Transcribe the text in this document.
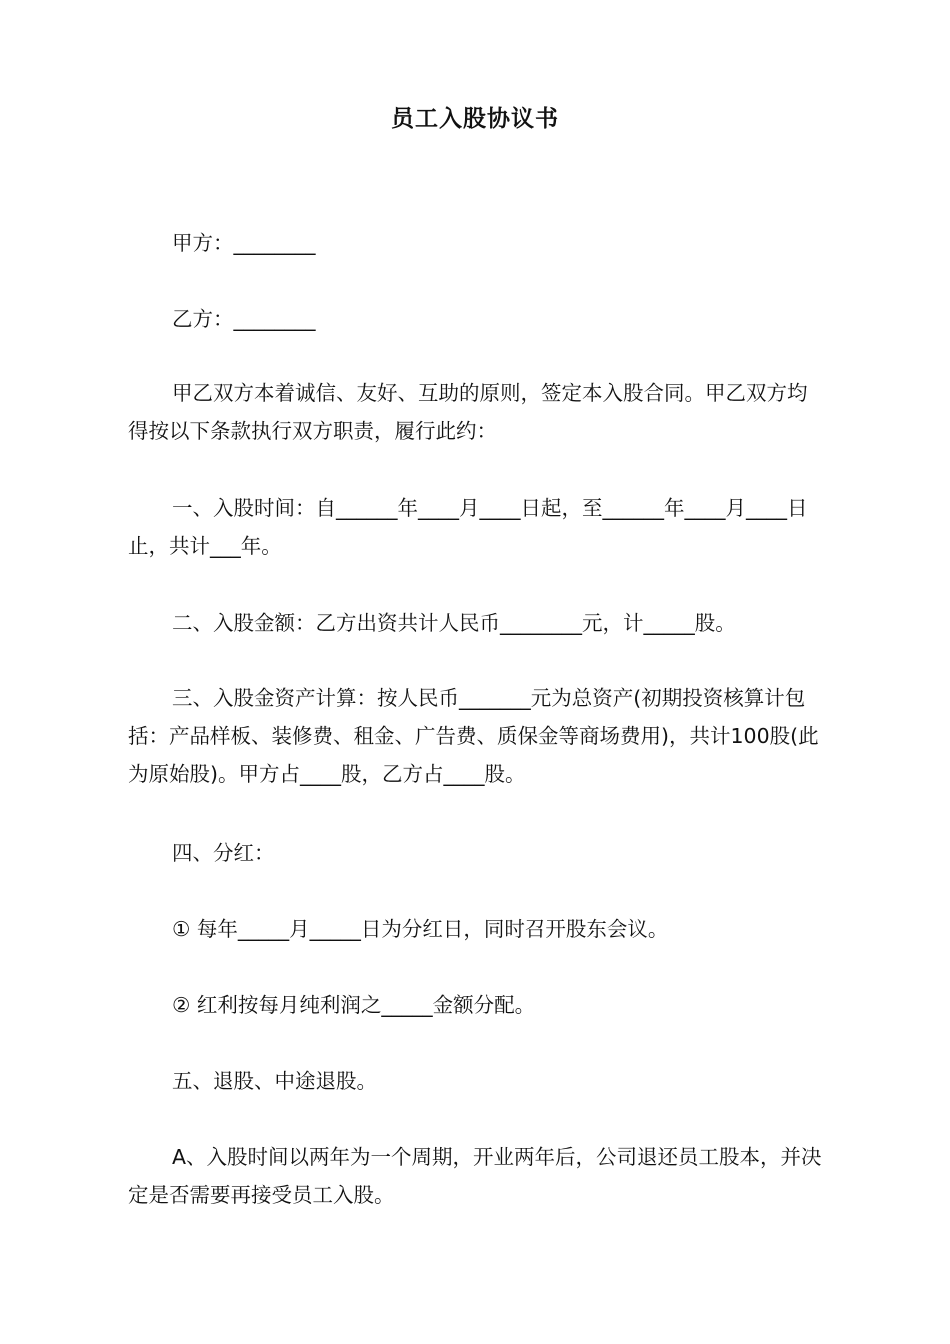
员工入股协议书
甲方：________
乙方：________
甲乙双方本着诚信、友好、互助的原则，签定本入股合同。甲乙双方均得按以下条款执行双方职责，履行此约：
一、入股时间：自______年____月____日起，至______年____月____日止，共计___年。
二、入股金额：乙方出资共计人民币________元，计_____股。
三、入股金资产计算：按人民币_______元为总资产(初期投资核算计包括：产品样板、装修费、租金、广告费、质保金等商场费用)，共计100股(此为原始股)。甲方占____股，乙方占____股。
四、分红：
① 每年_____月_____日为分红日，同时召开股东会议。
② 红利按每月纯利润之_____金额分配。
五、退股、中途退股。
A、入股时间以两年为一个周期，开业两年后，公司退还员工股本，并决定是否需要再接受员工入股。
